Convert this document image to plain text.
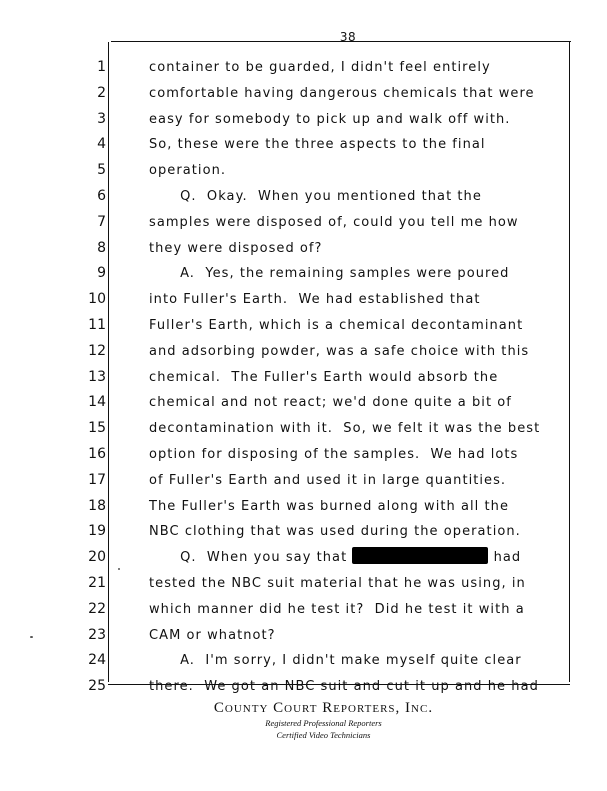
38
1	container to be guarded, I didn't feel entirely
2	comfortable having dangerous chemicals that were
3	easy for somebody to pick up and walk off with.
4	So, these were the three aspects to the final
5	operation.
6	Q.  Okay.  When you mentioned that the
7	samples were disposed of, could you tell me how
8	they were disposed of?
9	A.  Yes, the remaining samples were poured
10	into Fuller's Earth.  We had established that
11	Fuller's Earth, which is a chemical decontaminant
12	and adsorbing powder, was a safe choice with this
13	chemical.  The Fuller's Earth would absorb the
14	chemical and not react; we'd done quite a bit of
15	decontamination with it.  So, we felt it was the best
16	option for disposing of the samples.  We had lots
17	of Fuller's Earth and used it in large quantities.
18	The Fuller's Earth was burned along with all the
19	NBC clothing that was used during the operation.
20	Q.  When you say that	had
21	tested the NBC suit material that he was using, in
22	which manner did he test it?  Did he test it with a
23	CAM or whatnot?
24	A.  I'm sorry, I didn't make myself quite clear
25	there.  We got an NBC suit and cut it up and he had
County Court Reporters, Inc.
Registered Professional Reporters
Certified Video Technicians
